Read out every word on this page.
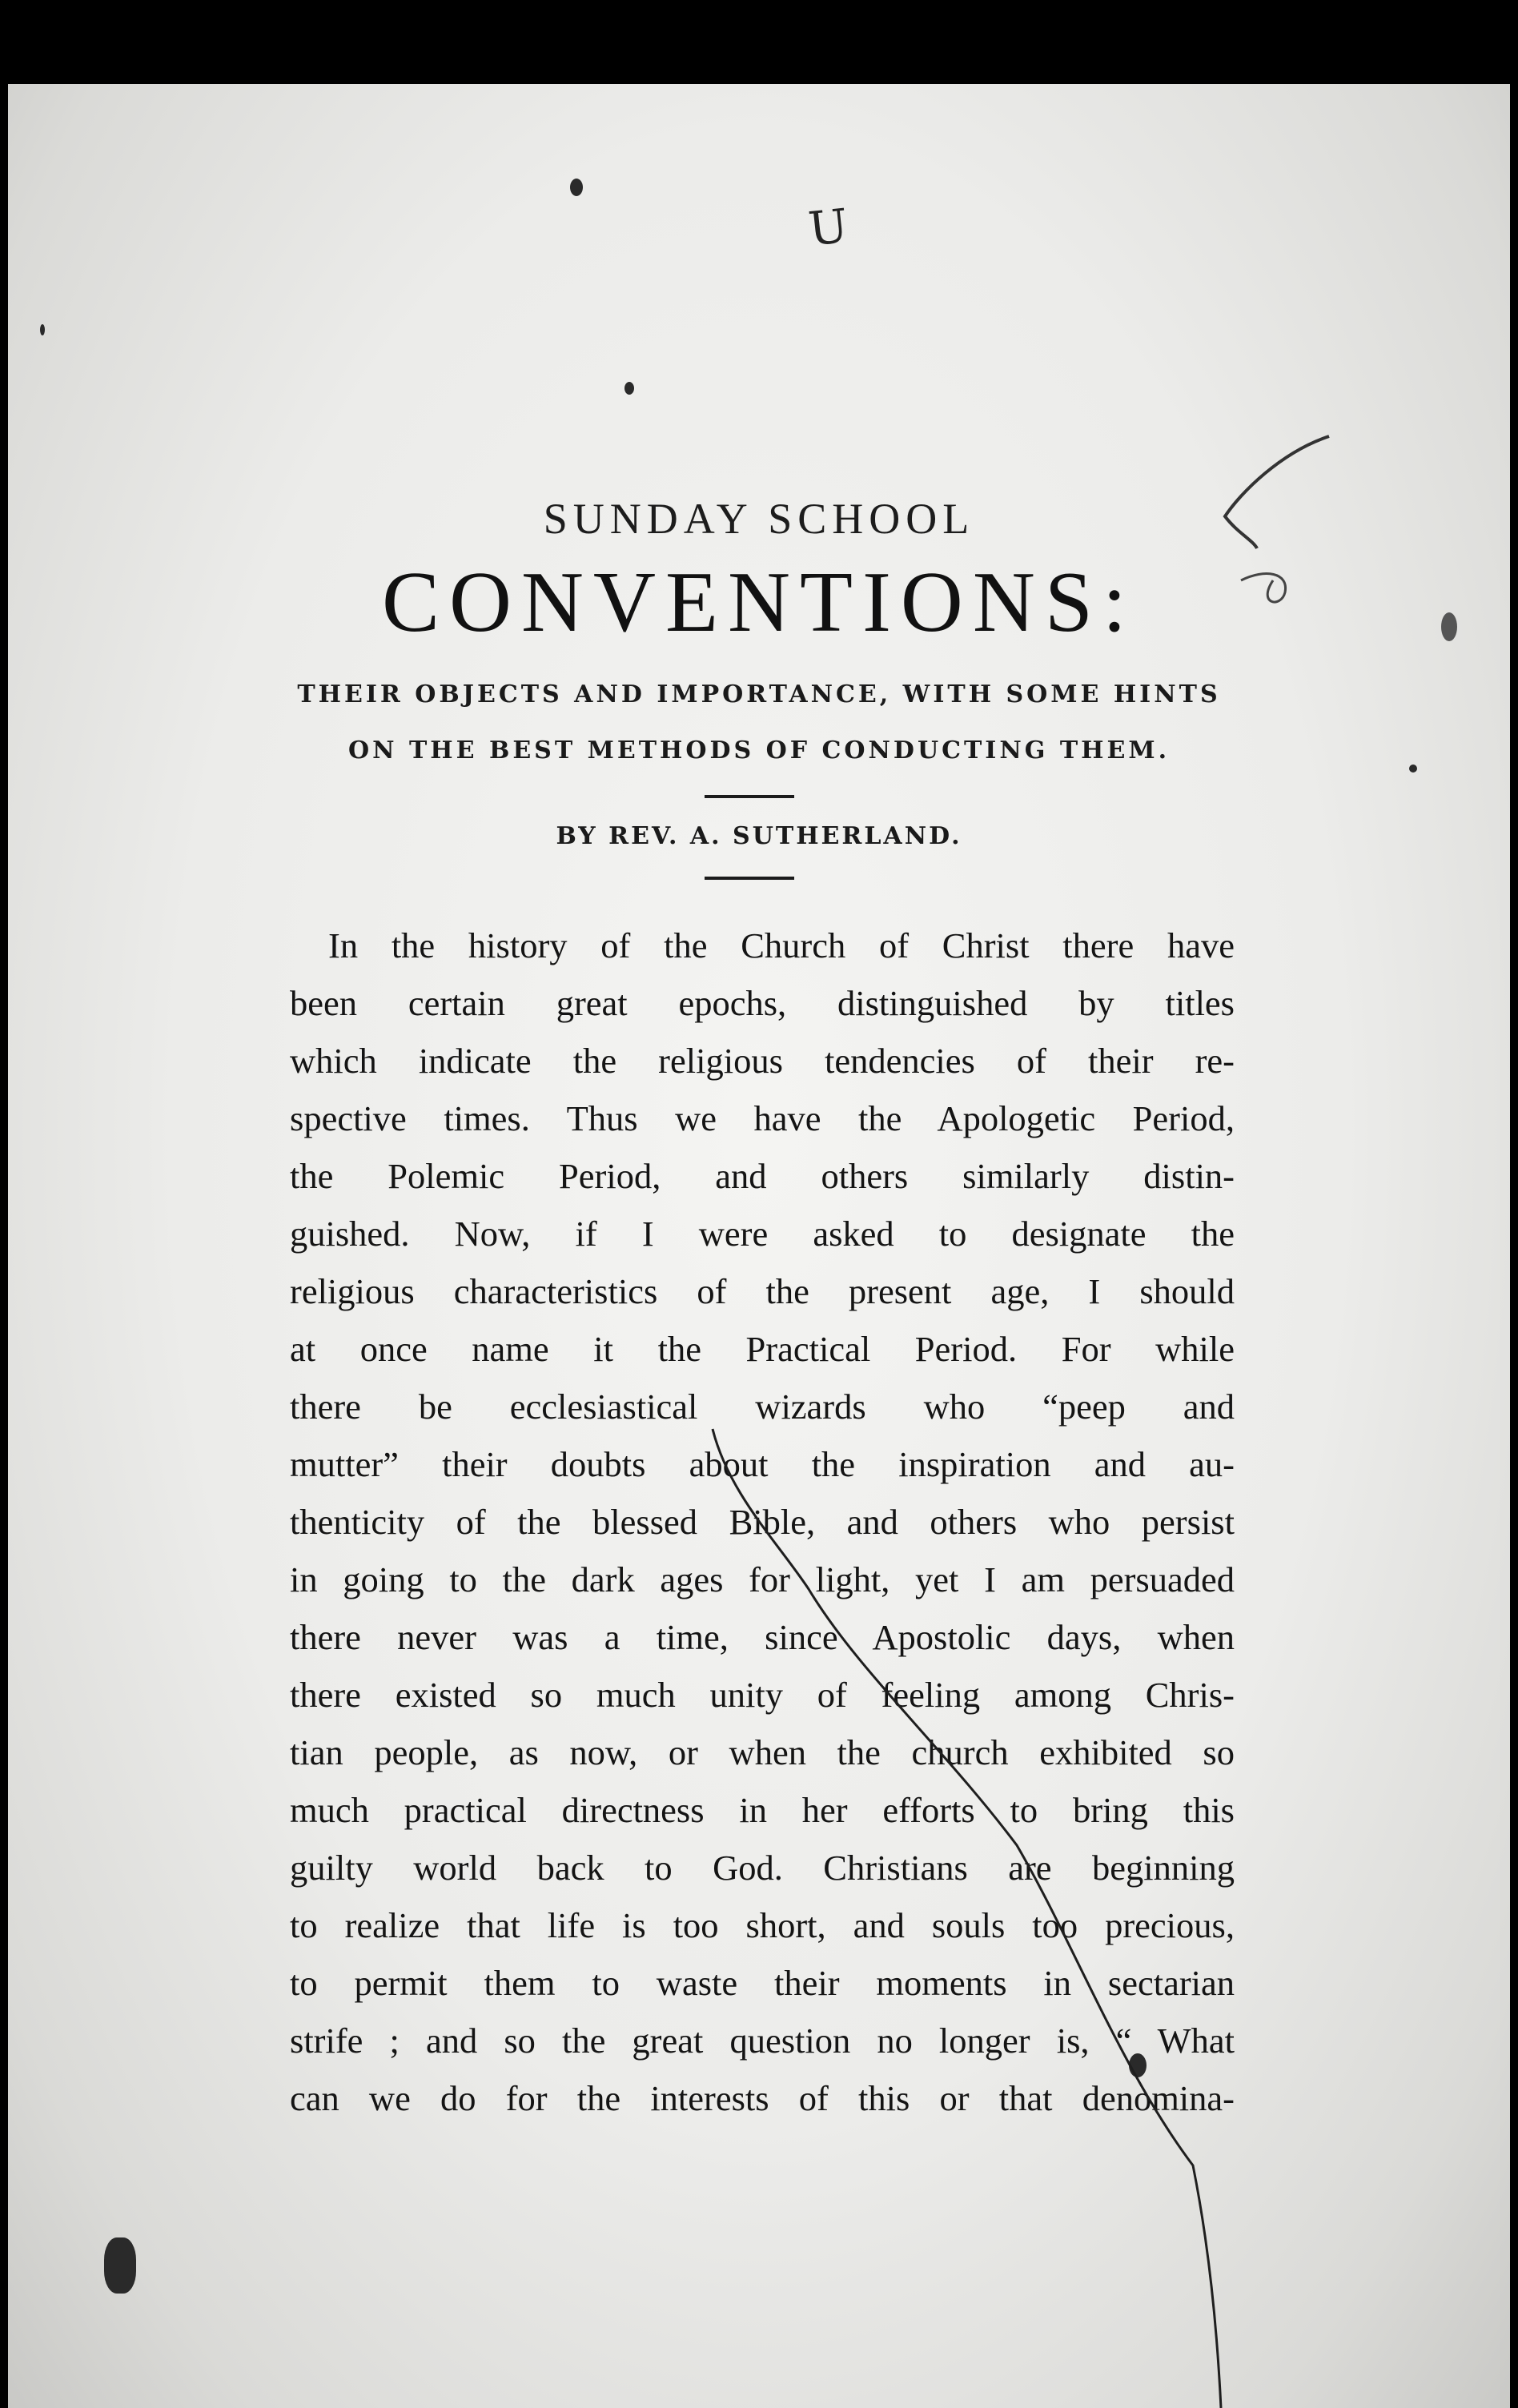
U
SUNDAY SCHOOL
CONVENTIONS:
THEIR OBJECTS AND IMPORTANCE, WITH SOME HINTS
ON THE BEST METHODS OF CONDUCTING THEM.
BY REV. A. SUTHERLAND.
In the history of the Church of Christ there have
been certain great epochs, distinguished by titles
which indicate the religious tendencies of their re-
spective times. Thus we have the Apologetic Period,
the Polemic Period, and others similarly distin-
guished. Now, if I were asked to designate the
religious characteristics of the present age, I should
at once name it the Practical Period. For while
there be ecclesiastical wizards who “peep and
mutter” their doubts about the inspiration and au-
thenticity of the blessed Bible, and others who persist
in going to the dark ages for light, yet I am persuaded
there never was a time, since Apostolic days, when
there existed so much unity of feeling among Chris-
tian people, as now, or when the church exhibited so
much practical directness in her efforts to bring this
guilty world back to God. Christians are beginning
to realize that life is too short, and souls too precious,
to permit them to waste their moments in sectarian
strife ; and so the great question no longer is, “ What
can we do for the interests of this or that denomina-
